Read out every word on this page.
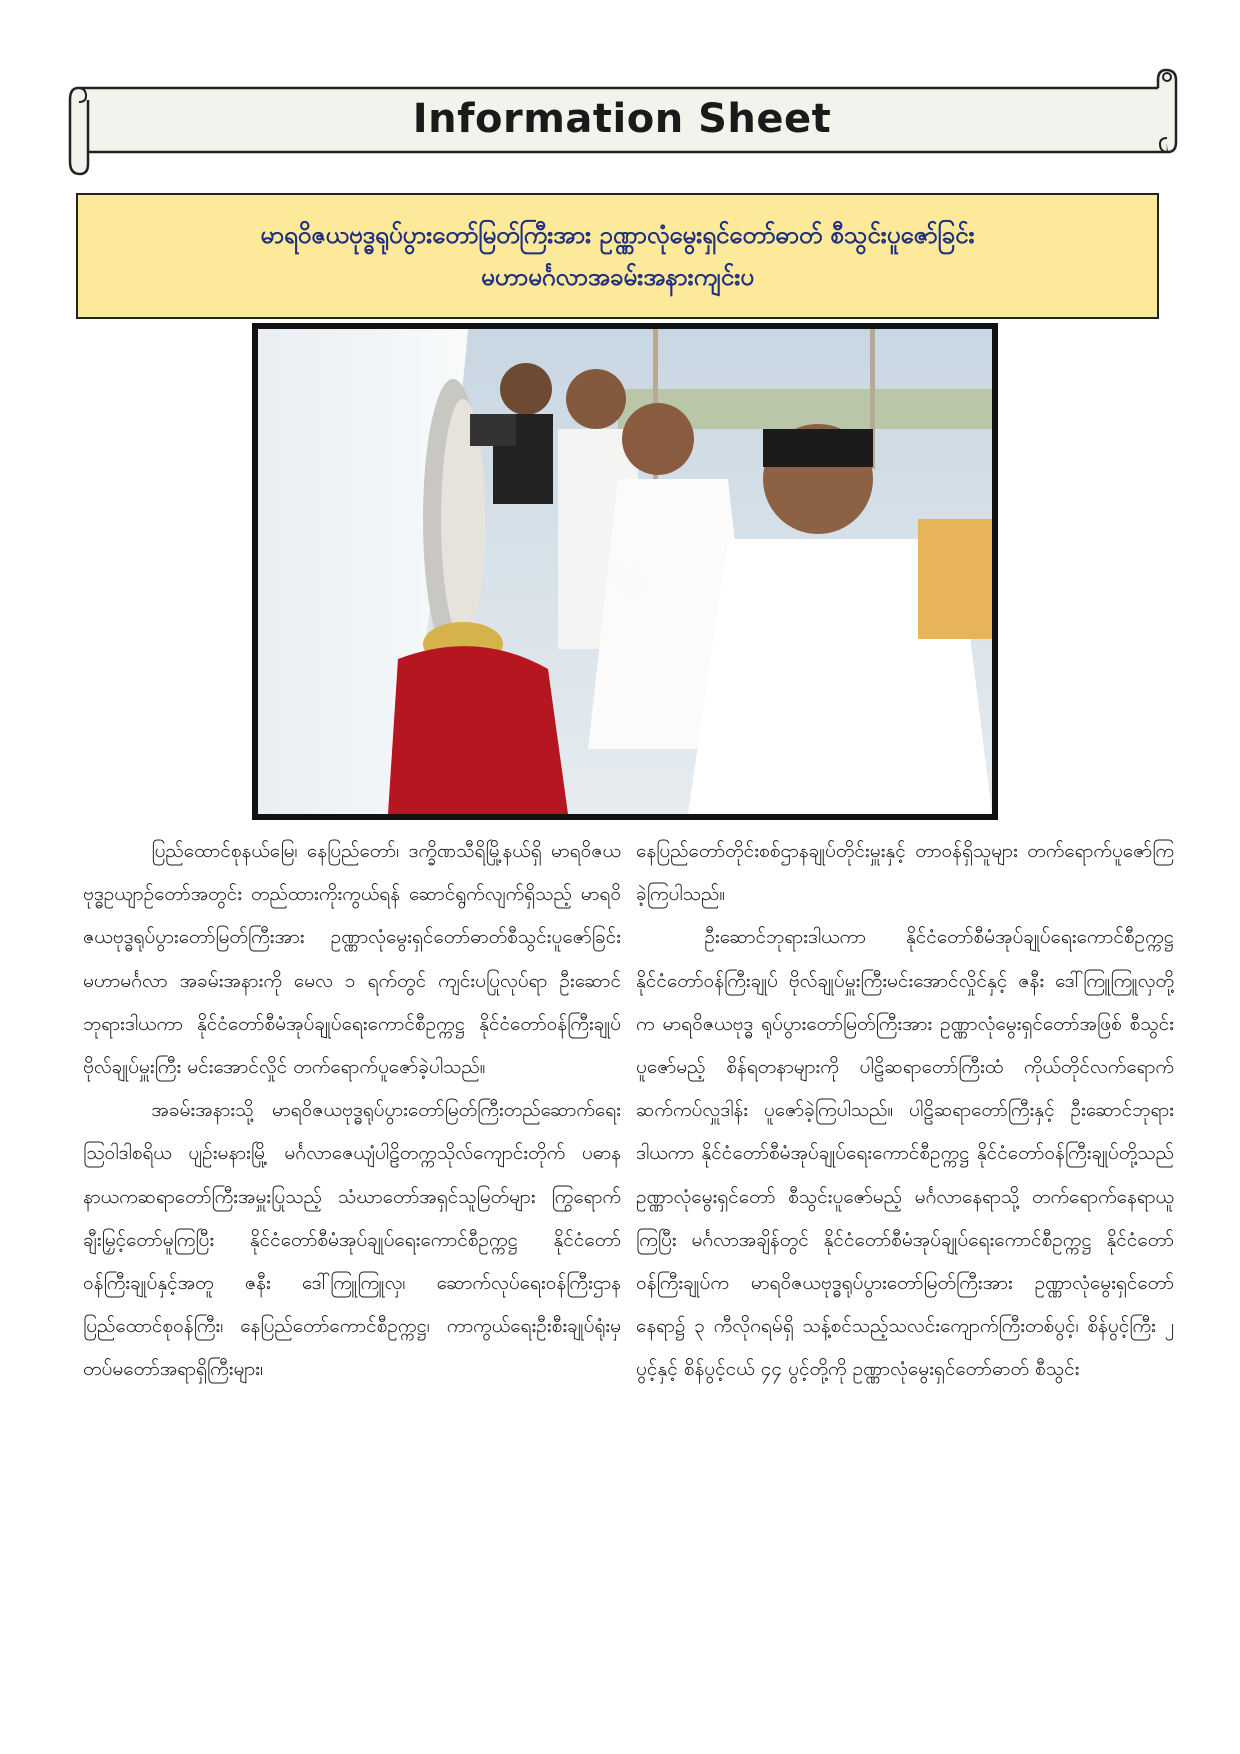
Information Sheet
မာရဝိဇယဗုဒ္ဓရုပ်ပွားတော်မြတ်ကြီးအား ဥဏ္ဏာလုံမွေးရှင်တော်ဓာတ် စီသွင်းပူဇော်ခြင်း
မဟာမင်္ဂလာအခမ်းအနားကျင်းပ

ပြည်ထောင်စုနယ်မြေ၊ နေပြည်တော်၊ ဒက္ခိဏသီရိမြို့နယ်ရှိ မာရဝိဇယဗုဒ္ဓဥယျာဉ်တော်အတွင်း တည်ထားကိုးကွယ်ရန် ဆောင်ရွက်လျက်ရှိသည့် မာရဝိဇယဗုဒ္ဓရုပ်ပွားတော်မြတ်ကြီးအား ဥဏ္ဏာလုံမွေးရှင်တော်ဓာတ်စီသွင်းပူဇော်ခြင်း မဟာမင်္ဂလာ အခမ်းအနားကို မေလ ၁ ရက်တွင် ကျင်းပပြုလုပ်ရာ ဦးဆောင်ဘုရားဒါယကာ နိုင်ငံတော်စီမံအုပ်ချုပ်ရေးကောင်စီဥက္ကဋ္ဌ နိုင်ငံတော်ဝန်ကြီးချုပ် ဗိုလ်ချုပ်မှူးကြီး မင်းအောင်လှိုင် တက်ရောက်ပူဇော်ခဲ့ပါသည်။

အခမ်းအနားသို့ မာရဝိဇယဗုဒ္ဓရုပ်ပွားတော်မြတ်ကြီးတည်ဆောက်ရေး ဩဝါဒါစရိယ ပျဉ်းမနားမြို့ မင်္ဂလာဇေယျံပါဠိတက္ကသိုလ်ကျောင်းတိုက် ပဓာနနာယကဆရာတော်ကြီးအမှူးပြုသည့် သံဃာတော်အရှင်သူမြတ်များ ကြွရောက်ချီးမြှင့်တော်မူကြပြီး နိုင်ငံတော်စီမံအုပ်ချုပ်ရေးကောင်စီဥက္ကဋ္ဌ နိုင်ငံတော်ဝန်ကြီးချုပ်နှင့်အတူ ဇနီး ဒေါ်ကြူကြူလှ၊ ဆောက်လုပ်ရေးဝန်ကြီးဌာန ပြည်ထောင်စုဝန်ကြီး၊ နေပြည်တော်ကောင်စီဥက္ကဋ္ဌ၊ ကာကွယ်ရေးဦးစီးချုပ်ရုံးမှ တပ်မတော်အရာရှိကြီးများ၊

နေပြည်တော်တိုင်းစစ်ဌာနချုပ်တိုင်းမှူးနှင့် တာဝန်ရှိသူများ တက်ရောက်ပူဇော်ကြခဲ့ကြပါသည်။

ဦးဆောင်ဘုရားဒါယကာ နိုင်ငံတော်စီမံအုပ်ချုပ်ရေးကောင်စီဥက္ကဋ္ဌ နိုင်ငံတော်ဝန်ကြီးချုပ် ဗိုလ်ချုပ်မှူးကြီးမင်းအောင်လှိုင်နှင့် ဇနီး ဒေါ်ကြူကြူလှတို့က မာရဝိဇယဗုဒ္ဓ ရုပ်ပွားတော်မြတ်ကြီးအား ဥဏ္ဏာလုံမွေးရှင်တော်အဖြစ် စီသွင်းပူဇော်မည့် စိန်ရတနာများကို ပါဠိဆရာတော်ကြီးထံ ကိုယ်တိုင်လက်ရောက်ဆက်ကပ်လှူဒါန်း ပူဇော်ခဲ့ကြပါသည်။ ပါဠိဆရာတော်ကြီးနှင့် ဦးဆောင်ဘုရားဒါယကာ နိုင်ငံတော်စီမံအုပ်ချုပ်ရေးကောင်စီဥက္ကဋ္ဌ နိုင်ငံတော်ဝန်ကြီးချုပ်တို့သည် ဥဏ္ဏာလုံမွေးရှင်တော် စီသွင်းပူဇော်မည့် မင်္ဂလာနေရာသို့ တက်ရောက်နေရာယူကြပြီး မင်္ဂလာအချိန်တွင် နိုင်ငံတော်စီမံအုပ်ချုပ်ရေးကောင်စီဥက္ကဋ္ဌ နိုင်ငံတော်ဝန်ကြီးချုပ်က မာရဝိဇယဗုဒ္ဓရုပ်ပွားတော်မြတ်ကြီးအား ဥဏ္ဏာလုံမွေးရှင်တော်နေရာ၌ ၃ ကီလိုဂရမ်ရှိ သန့်စင်သည့်သလင်းကျောက်ကြီးတစ်ပွင့်၊ စိန်ပွင့်ကြီး ၂ ပွင့်နှင့် စိန်ပွင့်ငယ် ၄၄ ပွင့်တို့ကို ဥဏ္ဏာလုံမွေးရှင်တော်ဓာတ် စီသွင်း
